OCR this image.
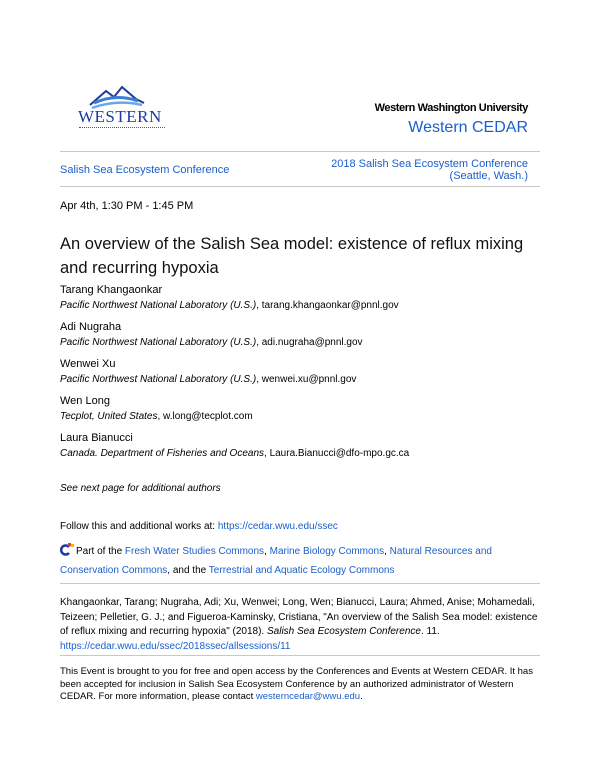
WESTERN	Western Washington University
Western CEDAR
Salish Sea Ecosystem Conference	2018 Salish Sea Ecosystem Conference
(Seattle, Wash.)
Apr 4th, 1:30 PM - 1:45 PM
An overview of the Salish Sea model: existence of reflux mixing and recurring hypoxia
Tarang Khangaonkar
Pacific Northwest National Laboratory (U.S.), tarang.khangaonkar@pnnl.gov
Adi Nugraha
Pacific Northwest National Laboratory (U.S.), adi.nugraha@pnnl.gov
Wenwei Xu
Pacific Northwest National Laboratory (U.S.), wenwei.xu@pnnl.gov
Wen Long
Tecplot, United States, w.long@tecplot.com
Laura Bianucci
Canada. Department of Fisheries and Oceans, Laura.Bianucci@dfo-mpo.gc.ca
See next page for additional authors
Follow this and additional works at: https://cedar.wwu.edu/ssec
Part of the Fresh Water Studies Commons, Marine Biology Commons, Natural Resources and Conservation Commons, and the Terrestrial and Aquatic Ecology Commons
Khangaonkar, Tarang; Nugraha, Adi; Xu, Wenwei; Long, Wen; Bianucci, Laura; Ahmed, Anise; Mohamedali, Teizeen; Pelletier, G. J.; and Figueroa-Kaminsky, Cristiana, "An overview of the Salish Sea model: existence of reflux mixing and recurring hypoxia" (2018). Salish Sea Ecosystem Conference. 11.
https://cedar.wwu.edu/ssec/2018ssec/allsessions/11
This Event is brought to you for free and open access by the Conferences and Events at Western CEDAR. It has been accepted for inclusion in Salish Sea Ecosystem Conference by an authorized administrator of Western CEDAR. For more information, please contact westerncedar@wwu.edu.
